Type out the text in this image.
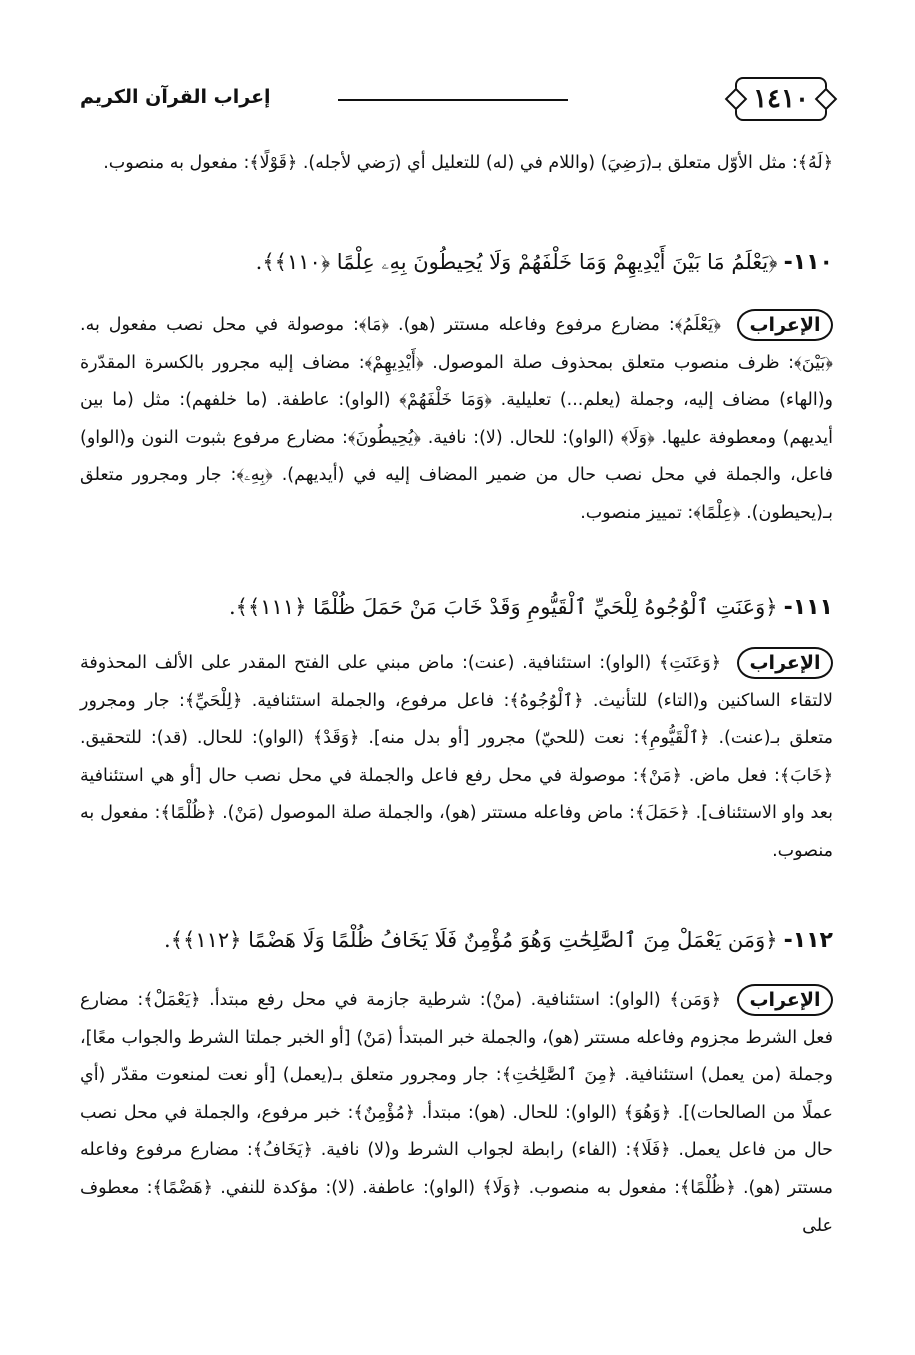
١٤١٠
إعراب القرآن الكريم

﴿لَهُ﴾: مثل الأوّل متعلق بـ(رَضِيَ) (واللام في (له) للتعليل أي (رَضي لأجله). ﴿قَوْلًا﴾: مفعول به منصوب.

١١٠-﴿يَعْلَمُ مَا بَيْنَ أَيْدِيهِمْ وَمَا خَلْفَهُمْ وَلَا يُحِيطُونَ بِهِۦ عِلْمًا ﴿١١٠﴾﴾.
الإعراب
﴿يَعْلَمُ﴾: مضارع مرفوع وفاعله مستتر (هو). ﴿مَا﴾: موصولة في محل نصب مفعول به. ﴿بَيْنَ﴾: ظرف منصوب متعلق بمحذوف صلة الموصول. ﴿أَيْدِيهِمْ﴾: مضاف إليه مجرور بالكسرة المقدّرة و(الهاء) مضاف إليه، وجملة (يعلم...) تعليلية. ﴿وَمَا خَلْفَهُمْ﴾ (الواو): عاطفة. (ما خلفهم): مثل (ما بين أيديهم) ومعطوفة عليها. ﴿وَلَا﴾ (الواو): للحال. (لا): نافية. ﴿يُحِيطُونَ﴾: مضارع مرفوع بثبوت النون و(الواو) فاعل، والجملة في محل نصب حال من ضمير المضاف إليه في (أيديهم). ﴿بِهِۦ﴾: جار ومجرور متعلق بـ(يحيطون). ﴿عِلْمًا﴾: تمييز منصوب.
١١١-﴿وَعَنَتِ ٱلْوُجُوهُ لِلْحَيِّ ٱلْقَيُّومِ وَقَدْ خَابَ مَنْ حَمَلَ ظُلْمًا ﴿١١١﴾﴾.
الإعراب
﴿وَعَنَتِ﴾ (الواو): استئنافية. (عنت): ماض مبني على الفتح المقدر على الألف المحذوفة لالتقاء الساكنين و(التاء) للتأنيث. ﴿ٱلْوُجُوهُ﴾: فاعل مرفوع، والجملة استئنافية. ﴿لِلْحَيِّ﴾: جار ومجرور متعلق بـ(عنت). ﴿ٱلْقَيُّومِ﴾: نعت (للحيّ) مجرور [أو بدل منه]. ﴿وَقَدْ﴾ (الواو): للحال. (قد): للتحقيق. ﴿خَابَ﴾: فعل ماض. ﴿مَنْ﴾: موصولة في محل رفع فاعل والجملة في محل نصب حال [أو هي استئنافية بعد واو الاستئناف]. ﴿حَمَلَ﴾: ماض وفاعله مستتر (هو)، والجملة صلة الموصول (مَنْ). ﴿ظُلْمًا﴾: مفعول به منصوب.
١١٢-﴿وَمَن يَعْمَلْ مِنَ ٱلصَّٰلِحَٰتِ وَهُوَ مُؤْمِنٌ فَلَا يَخَافُ ظُلْمًا وَلَا هَضْمًا ﴿١١٢﴾﴾.
الإعراب
﴿وَمَن﴾ (الواو): استئنافية. (منْ): شرطية جازمة في محل رفع مبتدأ. ﴿يَعْمَلْ﴾: مضارع فعل الشرط مجزوم وفاعله مستتر (هو)، والجملة خبر المبتدأ (مَنْ) [أو الخبر جملتا الشرط والجواب معًا]، وجملة (من يعمل) استئنافية. ﴿مِنَ ٱلصَّٰلِحَٰتِ﴾: جار ومجرور متعلق بـ(يعمل) [أو نعت لمنعوت مقدّر (أي عملًا من الصالحات)]. ﴿وَهُوَ﴾ (الواو): للحال. (هو): مبتدأ. ﴿مُؤْمِنٌ﴾: خبر مرفوع، والجملة في محل نصب حال من فاعل يعمل. ﴿فَلَا﴾: (الفاء) رابطة لجواب الشرط و(لا) نافية. ﴿يَخَافُ﴾: مضارع مرفوع وفاعله مستتر (هو). ﴿ظُلْمًا﴾: مفعول به منصوب. ﴿وَلَا﴾ (الواو): عاطفة. (لا): مؤكدة للنفي. ﴿هَضْمًا﴾: معطوف على
